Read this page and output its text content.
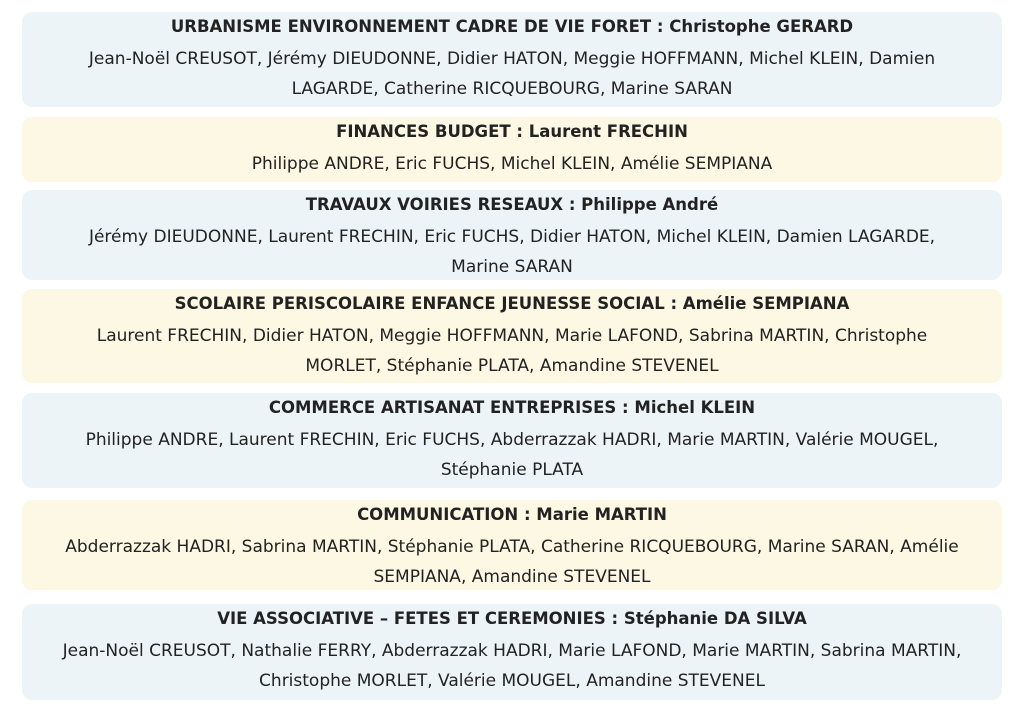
URBANISME ENVIRONNEMENT CADRE DE VIE FORET : Christophe GERARD
Jean-Noël CREUSOT, Jérémy DIEUDONNE, Didier HATON, Meggie HOFFMANN, Michel KLEIN, Damien LAGARDE, Catherine RICQUEBOURG, Marine SARAN
FINANCES BUDGET : Laurent FRECHIN
Philippe ANDRE, Eric FUCHS, Michel KLEIN, Amélie SEMPIANA
TRAVAUX VOIRIES RESEAUX : Philippe André
Jérémy DIEUDONNE, Laurent FRECHIN, Eric FUCHS, Didier HATON, Michel KLEIN, Damien LAGARDE, Marine SARAN
SCOLAIRE PERISCOLAIRE ENFANCE JEUNESSE SOCIAL : Amélie SEMPIANA
Laurent FRECHIN, Didier HATON, Meggie HOFFMANN, Marie LAFOND, Sabrina MARTIN, Christophe MORLET, Stéphanie PLATA, Amandine STEVENEL
COMMERCE ARTISANAT ENTREPRISES : Michel KLEIN
Philippe ANDRE, Laurent FRECHIN, Eric FUCHS, Abderrazzak HADRI, Marie MARTIN, Valérie MOUGEL, Stéphanie PLATA
COMMUNICATION : Marie MARTIN
Abderrazzak HADRI, Sabrina MARTIN, Stéphanie PLATA, Catherine RICQUEBOURG, Marine SARAN, Amélie SEMPIANA, Amandine STEVENEL
VIE ASSOCIATIVE – FETES ET CEREMONIES : Stéphanie DA SILVA
Jean-Noël CREUSOT, Nathalie FERRY, Abderrazzak HADRI, Marie LAFOND, Marie MARTIN, Sabrina MARTIN, Christophe MORLET, Valérie MOUGEL, Amandine STEVENEL
